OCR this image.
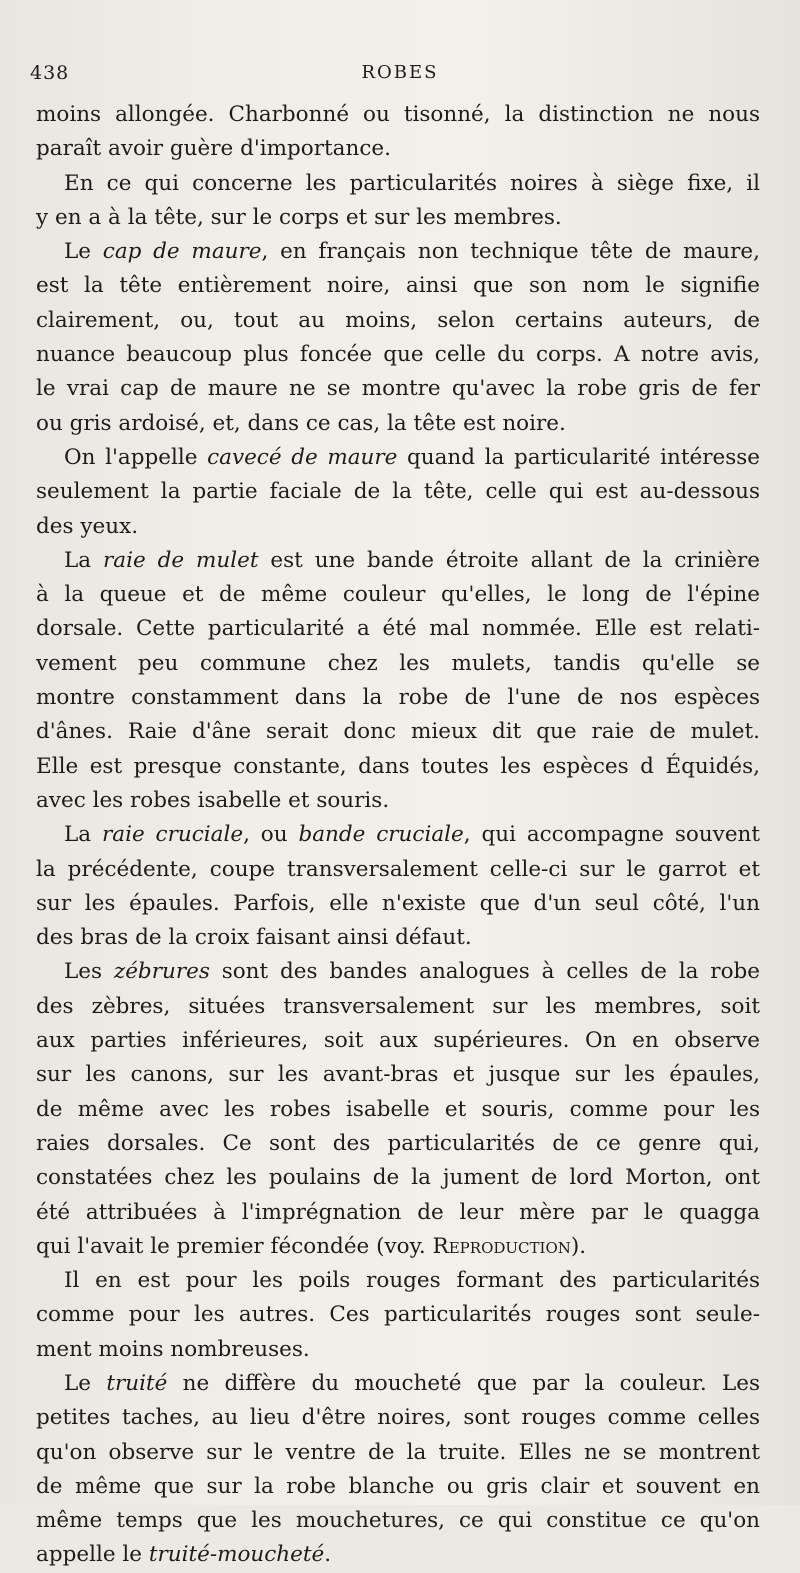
438	ROBES
moins allongée. Charbonné ou tisonné, la distinction ne nous
paraît avoir guère d'importance.
En ce qui concerne les particularités noires à siège fixe, il
y en a à la tête, sur le corps et sur les membres.
Le cap de maure, en français non technique tête de maure,
est la tête entièrement noire, ainsi que son nom le signifie
clairement, ou, tout au moins, selon certains auteurs, de
nuance beaucoup plus foncée que celle du corps. A notre avis,
le vrai cap de maure ne se montre qu'avec la robe gris de fer
ou gris ardoisé, et, dans ce cas, la tête est noire.
On l'appelle cavecé de maure quand la particularité intéresse
seulement la partie faciale de la tête, celle qui est au-dessous
des yeux.
La raie de mulet est une bande étroite allant de la crinière
à la queue et de même couleur qu'elles, le long de l'épine
dorsale. Cette particularité a été mal nommée. Elle est relati-
vement peu commune chez les mulets, tandis qu'elle se
montre constamment dans la robe de l'une de nos espèces
d'ânes. Raie d'âne serait donc mieux dit que raie de mulet.
Elle est presque constante, dans toutes les espèces d Équidés,
avec les robes isabelle et souris.
La raie cruciale, ou bande cruciale, qui accompagne souvent
la précédente, coupe transversalement celle-ci sur le garrot et
sur les épaules. Parfois, elle n'existe que d'un seul côté, l'un
des bras de la croix faisant ainsi défaut.
Les zébrures sont des bandes analogues à celles de la robe
des zèbres, situées transversalement sur les membres, soit
aux parties inférieures, soit aux supérieures. On en observe
sur les canons, sur les avant-bras et jusque sur les épaules,
de même avec les robes isabelle et souris, comme pour les
raies dorsales. Ce sont des particularités de ce genre qui,
constatées chez les poulains de la jument de lord Morton, ont
été attribuées à l'imprégnation de leur mère par le quagga
qui l'avait le premier fécondée (voy. Reproduction).
Il en est pour les poils rouges formant des particularités
comme pour les autres. Ces particularités rouges sont seule-
ment moins nombreuses.
Le truité ne diffère du moucheté que par la couleur. Les
petites taches, au lieu d'être noires, sont rouges comme celles
qu'on observe sur le ventre de la truite. Elles ne se montrent
de même que sur la robe blanche ou gris clair et souvent en
même temps que les mouchetures, ce qui constitue ce qu'on
appelle le truité-moucheté.
